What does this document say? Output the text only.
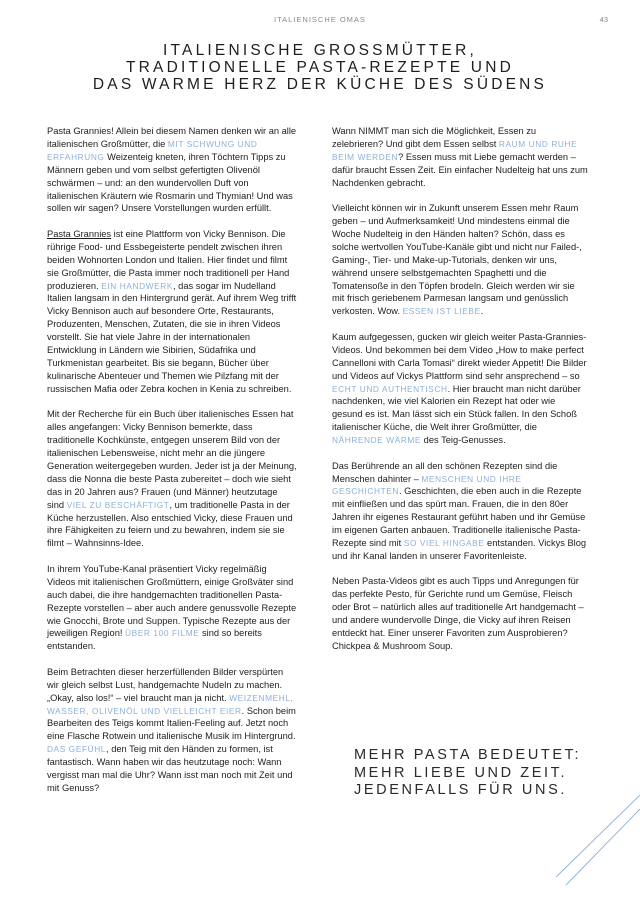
ITALIENISCHE OMAS	43
ITALIENISCHE GROSSMÜTTER,
TRADITIONELLE PASTA-REZEPTE UND
DAS WARME HERZ DER KÜCHE DES SÜDENS

Pasta Grannies! Allein bei diesem Namen denken wir an alle italienischen Großmütter, die MIT SCHWUNG UND ERFAHRUNG Weizenteig kneten, ihren Töchtern Tipps zu Männern geben und vom selbst gefertigten Olivenöl schwärmen – und: an den wundervollen Duft von italienischen Kräutern wie Rosmarin und Thymian! Und was sollen wir sagen? Unsere Vorstellungen wurden erfüllt.

Pasta Grannies ist eine Plattform von Vicky Bennison. Die rührige Food- und Essbegeisterte pendelt zwischen ihren beiden Wohnorten London und Italien. Hier findet und filmt sie Großmütter, die Pasta immer noch traditionell per Hand produzieren. EIN HANDWERK, das sogar im Nudelland Italien langsam in den Hintergrund gerät. Auf ihrem Weg trifft Vicky Bennison auch auf besondere Orte, Restaurants, Produzenten, Menschen, Zutaten, die sie in ihren Videos vorstellt. Sie hat viele Jahre in der internationalen Entwicklung in Ländern wie Sibirien, Südafrika und Turkmenistan gearbeitet. Bis sie begann, Bücher über kulinarische Abenteuer und Themen wie Pilzfang mit der russischen Mafia oder Zebra kochen in Kenia zu schreiben.

Mit der Recherche für ein Buch über italienisches Essen hat alles angefangen: Vicky Bennison bemerkte, dass traditionelle Kochkünste, entgegen unserem Bild von der italienischen Lebensweise, nicht mehr an die jüngere Generation weitergegeben wurden. Jeder ist ja der Meinung, dass die Nonna die beste Pasta zubereitet – doch wie sieht das in 20 Jahren aus? Frauen (und Männer) heutzutage sind VIEL ZU BESCHÄFTIGT, um traditionelle Pasta in der Küche herzustellen. Also entschied Vicky, diese Frauen und ihre Fähigkeiten zu feiern und zu bewahren, indem sie sie filmt – Wahnsinns-Idee.

In ihrem YouTube-Kanal präsentiert Vicky regelmäßig Videos mit italienischen Großmüttern, einige Großväter sind auch dabei, die ihre handgemachten traditionellen Pasta-Rezepte vorstellen – aber auch andere genussvolle Rezepte wie Gnocchi, Brote und Suppen. Typische Rezepte aus der jeweiligen Region! ÜBER 100 FILME sind so bereits entstanden.

Beim Betrachten dieser herzerfüllenden Bilder verspürten wir gleich selbst Lust, handgemachte Nudeln zu machen. „Okay, also los!“ – viel braucht man ja nicht. WEIZENMEHL, WASSER, OLIVENÖL UND VIELLEICHT EIER. Schon beim Bearbeiten des Teigs kommt Italien-Feeling auf. Jetzt noch eine Flasche Rotwein und italienische Musik im Hintergrund. DAS GEFÜHL, den Teig mit den Händen zu formen, ist fantastisch. Wann haben wir das heutzutage noch: Wann vergisst man mal die Uhr? Wann isst man noch mit Zeit und mit Genuss?

Wann NIMMT man sich die Möglichkeit, Essen zu zelebrieren? Und gibt dem Essen selbst RAUM UND RUHE BEIM WERDEN? Essen muss mit Liebe gemacht werden – dafür braucht Essen Zeit. Ein einfacher Nudelteig hat uns zum Nachdenken gebracht.

Vielleicht können wir in Zukunft unserem Essen mehr Raum geben – und Aufmerksamkeit! Und mindestens einmal die Woche Nudelteig in den Händen halten? Schön, dass es solche wertvollen YouTube-Kanäle gibt und nicht nur Failed-, Gaming-, Tier- und Make-up-Tutorials, denken wir uns, während unsere selbstgemachten Spaghetti und die Tomatensoße in den Töpfen brodeln. Gleich werden wir sie mit frisch geriebenem Parmesan langsam und genüsslich verkosten. Wow. ESSEN IST LIEBE.

Kaum aufgegessen, gucken wir gleich weiter Pasta-Grannies-Videos. Und bekommen bei dem Video „How to make perfect Cannelloni with Carla Tomasi“ direkt wieder Appetit! Die Bilder und Videos auf Vickys Plattform sind sehr ansprechend – so ECHT UND AUTHENTISCH. Hier braucht man nicht darüber nachdenken, wie viel Kalorien ein Rezept hat oder wie gesund es ist. Man lässt sich ein Stück fallen. In den Schoß italienischer Küche, die Welt ihrer Großmütter, die NÄHRENDE WÄRME des Teig-Genusses.

Das Berührende an all den schönen Rezepten sind die Menschen dahinter – MENSCHEN UND IHRE GESCHICHTEN. Geschichten, die eben auch in die Rezepte mit einfließen und das spürt man. Frauen, die in den 80er Jahren ihr eigenes Restaurant geführt haben und ihr Gemüse im eigenen Garten anbauen. Traditionelle italienische Pasta-Rezepte sind mit SO VIEL HINGABE entstanden. Vickys Blog und ihr Kanal landen in unserer Favoritenleiste.

Neben Pasta-Videos gibt es auch Tipps und Anregungen für das perfekte Pesto, für Gerichte rund um Gemüse, Fleisch oder Brot – natürlich alles auf traditionelle Art handgemacht – und andere wundervolle Dinge, die Vicky auf ihren Reisen entdeckt hat. Einer unserer Favoriten zum Ausprobieren? Chickpea & Mushroom Soup.

MEHR PASTA BEDEUTET:
MEHR LIEBE UND ZEIT.
JEDENFALLS FÜR UNS.
